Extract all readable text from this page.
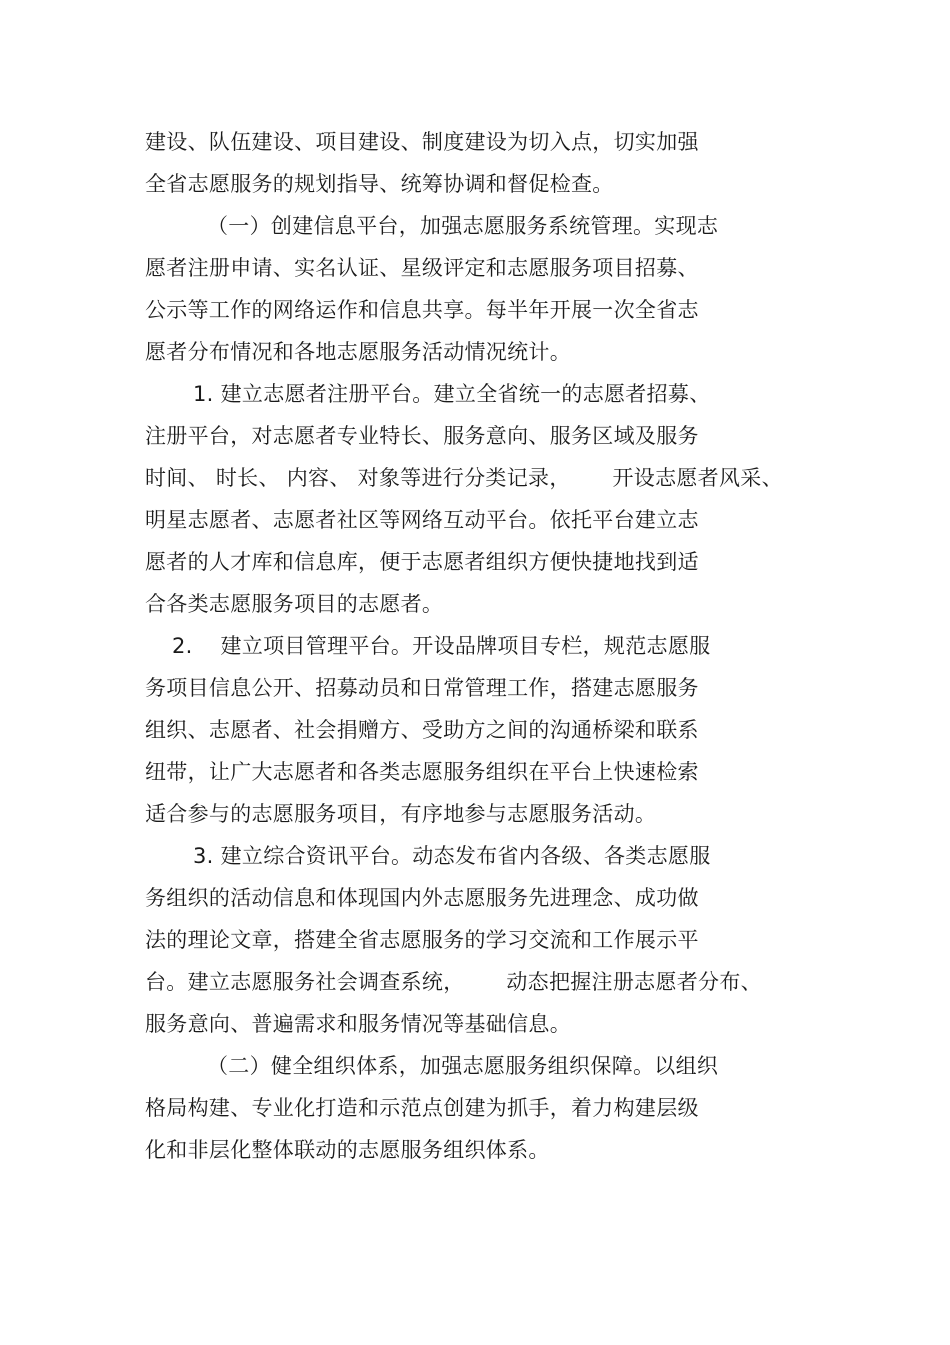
建设、队伍建设、项目建设、制度建设为切入点，切实加强
全省志愿服务的规划指导、统筹协调和督促检查。
（一）创建信息平台，加强志愿服务系统管理。实现志
愿者注册申请、实名认证、星级评定和志愿服务项目招募、
公示等工作的网络运作和信息共享。每半年开展一次全省志
愿者分布情况和各地志愿服务活动情况统计。
1. 建立志愿者注册平台。建立全省统一的志愿者招募、
注册平台，对志愿者专业特长、服务意向、服务区域及服务
时间、 时长、 内容、 对象等进行分类记录，      开设志愿者风采、
明星志愿者、志愿者社区等网络互动平台。依托平台建立志
愿者的人才库和信息库，便于志愿者组织方便快捷地找到适
合各类志愿服务项目的志愿者。
2.    建立项目管理平台。开设品牌项目专栏，规范志愿服
务项目信息公开、招募动员和日常管理工作，搭建志愿服务
组织、志愿者、社会捐赠方、受助方之间的沟通桥梁和联系
纽带，让广大志愿者和各类志愿服务组织在平台上快速检索
适合参与的志愿服务项目，有序地参与志愿服务活动。
3. 建立综合资讯平台。动态发布省内各级、各类志愿服
务组织的活动信息和体现国内外志愿服务先进理念、成功做
法的理论文章，搭建全省志愿服务的学习交流和工作展示平
台。建立志愿服务社会调查系统，      动态把握注册志愿者分布、
服务意向、普遍需求和服务情况等基础信息。
（二）健全组织体系，加强志愿服务组织保障。以组织
格局构建、专业化打造和示范点创建为抓手，着力构建层级
化和非层化整体联动的志愿服务组织体系。
